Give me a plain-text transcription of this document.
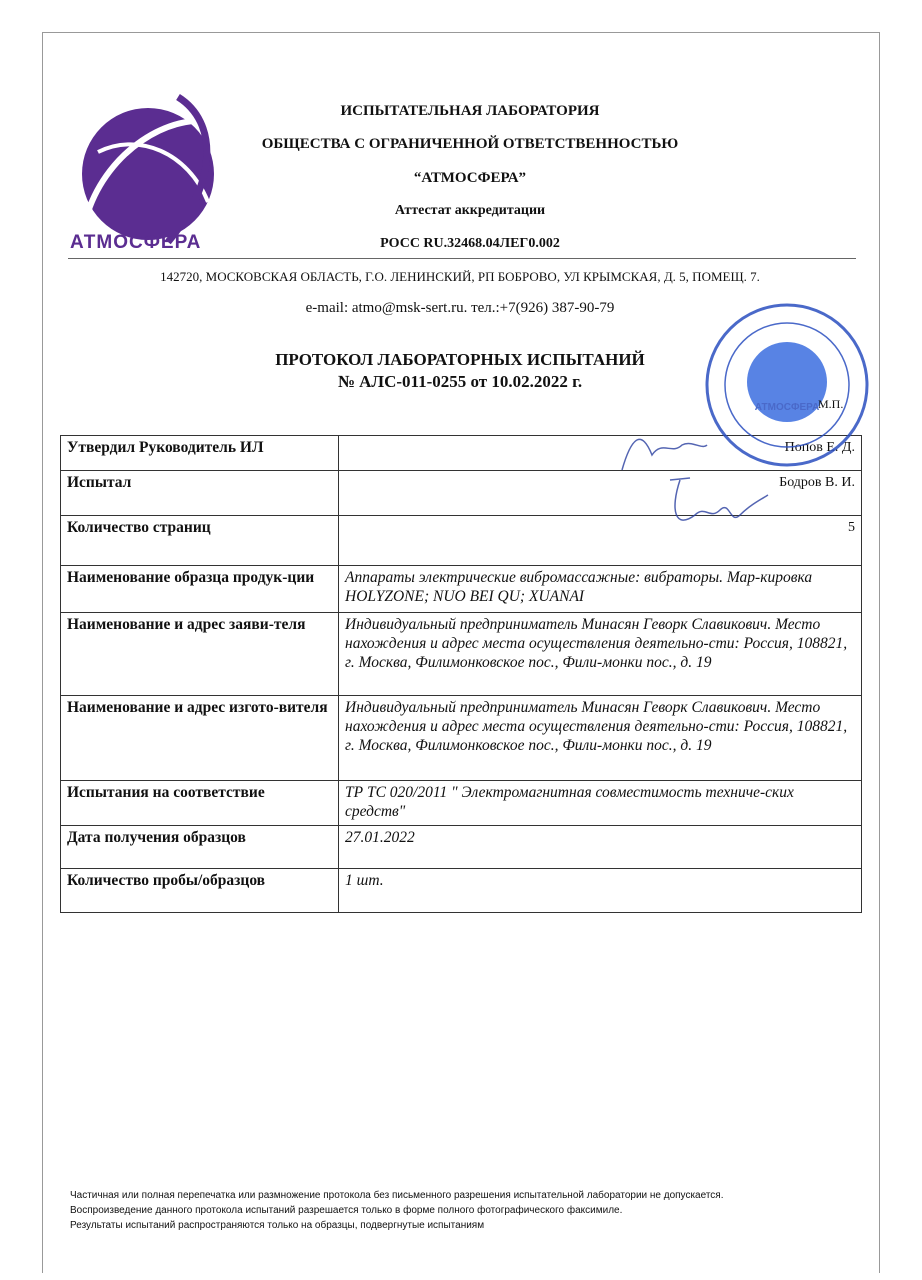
АТМОСФЕРА
ИСПЫТАТЕЛЬНАЯ ЛАБОРАТОРИЯ
ОБЩЕСТВА С ОГРАНИЧЕННОЙ ОТВЕТСТВЕННОСТЬЮ
“АТМОСФЕРА”
Аттестат аккредитации
РОСС RU.32468.04ЛЕГ0.002
142720, МОСКОВСКАЯ ОБЛАСТЬ, Г.О. ЛЕНИНСКИЙ, РП БОБРОВО, УЛ КРЫМСКАЯ, Д. 5, ПОМЕЩ. 7.
e-mail: atmo@msk-sert.ru. тел.:+7(926) 387-90-79
ПРОТОКОЛ ЛАБОРАТОРНЫХ ИСПЫТАНИЙ
№ АЛС-011-0255 от 10.02.2022 г.
Утвердил Руководитель ИЛ	Попов Е. Д.
Испытал	Бодров В. И.
Количество страниц	5
Наименование образца продук-ции	Аппараты электрические вибромассажные: вибраторы. Мар-кировка HOLYZONE; NUO BEI QU; XUANAI
Наименование и адрес заяви-теля	Индивидуальный предприниматель Минасян Геворк Славикович. Место нахождения и адрес места осуществления деятельно-сти: Россия, 108821, г. Москва, Филимонковское пос., Фили-монки пос., д. 19
Наименование и адрес изгото-вителя	Индивидуальный предприниматель Минасян Геворк Славикович. Место нахождения и адрес места осуществления деятельно-сти: Россия, 108821, г. Москва, Филимонковское пос., Фили-монки пос., д. 19
Испытания на соответствие	ТР ТС 020/2011 " Электромагнитная совместимость техниче-ских средств"
Дата получения образцов	27.01.2022
Количество пробы/образцов	1 шт.
АТМОСФЕРА
М.П.
Частичная или полная перепечатка или размножение протокола без письменного разрешения испытательной лаборатории не допускается.
Воспроизведение данного протокола испытаний разрешается только в форме полного фотографического факсимиле.
Результаты испытаний распространяются только на образцы, подвергнутые испытаниям
